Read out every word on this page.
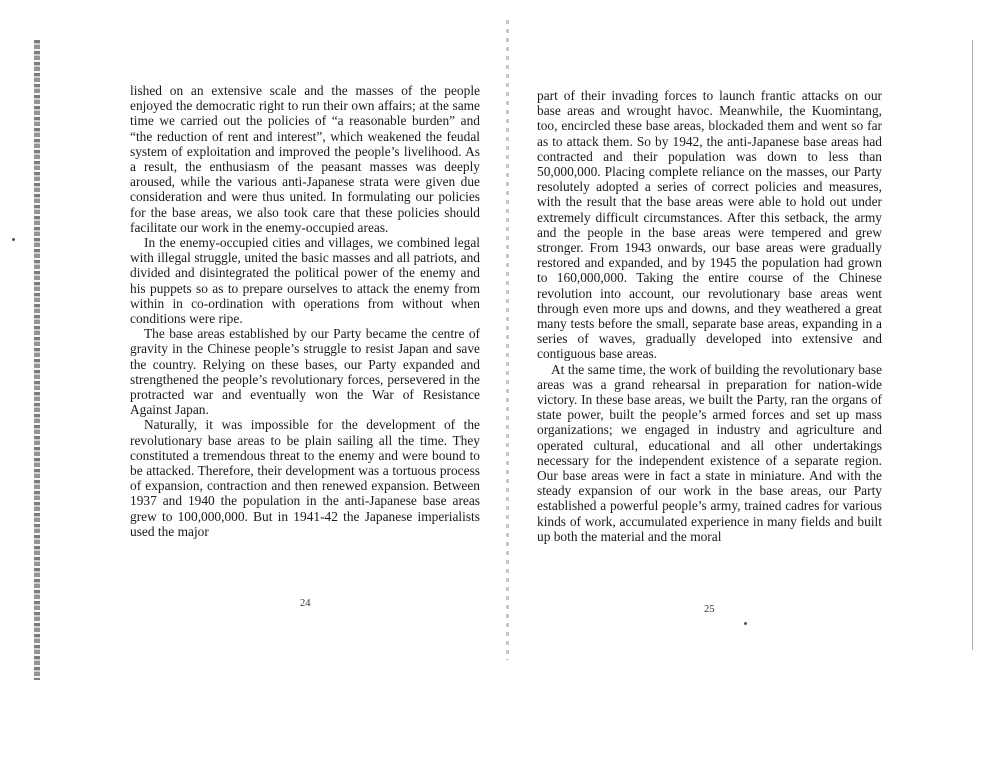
lished on an extensive scale and the masses of the people enjoyed the democratic right to run their own affairs; at the same time we carried out the policies of “a reasonable burden” and “the reduction of rent and interest”, which weakened the feudal system of exploitation and improved the people’s livelihood. As a result, the enthusiasm of the peasant masses was deeply aroused, while the various anti-Japanese strata were given due consideration and were thus united. In formulating our policies for the base areas, we also took care that these policies should facilitate our work in the enemy-occupied areas.

In the enemy-occupied cities and villages, we combined legal with illegal struggle, united the basic masses and all patriots, and divided and disintegrated the political power of the enemy and his puppets so as to prepare ourselves to attack the enemy from within in co-ordination with operations from without when conditions were ripe.

The base areas established by our Party became the centre of gravity in the Chinese people’s struggle to resist Japan and save the country. Relying on these bases, our Party expanded and strengthened the people’s revolutionary forces, persevered in the protracted war and eventually won the War of Resistance Against Japan.

Naturally, it was impossible for the development of the revolutionary base areas to be plain sailing all the time. They constituted a tremendous threat to the enemy and were bound to be attacked. Therefore, their development was a tortuous process of expansion, contraction and then renewed expansion. Between 1937 and 1940 the population in the anti-Japanese base areas grew to 100,000,000. But in 1941-42 the Japanese imperialists used the major

24

part of their invading forces to launch frantic attacks on our base areas and wrought havoc. Meanwhile, the Kuomintang, too, encircled these base areas, blockaded them and went so far as to attack them. So by 1942, the anti-Japanese base areas had contracted and their population was down to less than 50,000,000. Placing complete reliance on the masses, our Party resolutely adopted a series of correct policies and measures, with the result that the base areas were able to hold out under extremely difficult circumstances. After this setback, the army and the people in the base areas were tempered and grew stronger. From 1943 onwards, our base areas were gradually restored and expanded, and by 1945 the population had grown to 160,000,000. Taking the entire course of the Chinese revolution into account, our revolutionary base areas went through even more ups and downs, and they weathered a great many tests before the small, separate base areas, expanding in a series of waves, gradually developed into extensive and contiguous base areas.

At the same time, the work of building the revolutionary base areas was a grand rehearsal in preparation for nation-wide victory. In these base areas, we built the Party, ran the organs of state power, built the people’s armed forces and set up mass organizations; we engaged in industry and agriculture and operated cultural, educational and all other undertakings necessary for the independent existence of a separate region. Our base areas were in fact a state in miniature. And with the steady expansion of our work in the base areas, our Party established a powerful people’s army, trained cadres for various kinds of work, accumulated experience in many fields and built up both the material and the moral

25
